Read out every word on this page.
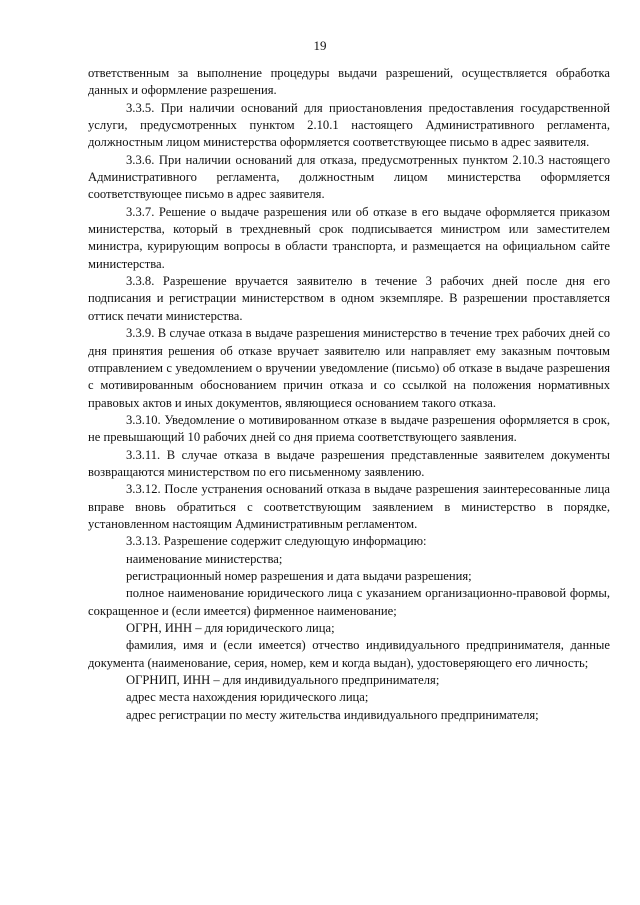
19

ответственным за выполнение процедуры выдачи разрешений, осуществляется обработка данных и оформление разрешения.

3.3.5. При наличии оснований для приостановления предоставления государственной услуги, предусмотренных пунктом 2.10.1 настоящего Административного регламента, должностным лицом министерства оформляется соответствующее письмо в адрес заявителя.

3.3.6. При наличии оснований для отказа, предусмотренных пунктом 2.10.3 настоящего Административного регламента, должностным лицом министерства оформляется соответствующее письмо в адрес заявителя.

3.3.7. Решение о выдаче разрешения или об отказе в его выдаче оформляется приказом министерства, который в трехдневный срок подписывается министром или заместителем министра, курирующим вопросы в области транспорта, и размещается на официальном сайте министерства.

3.3.8. Разрешение вручается заявителю в течение 3 рабочих дней после дня его подписания и регистрации министерством в одном экземпляре. В разрешении проставляется оттиск печати министерства.

3.3.9. В случае отказа в выдаче разрешения министерство в течение трех рабочих дней со дня принятия решения об отказе вручает заявителю или направляет ему заказным почтовым отправлением с уведомлением о вручении уведомление (письмо) об отказе в выдаче разрешения с мотивированным обоснованием причин отказа и со ссылкой на положения нормативных правовых актов и иных документов, являющиеся основанием такого отказа.

3.3.10. Уведомление о мотивированном отказе в выдаче разрешения оформляется в срок, не превышающий 10 рабочих дней со дня приема соответствующего заявления.

3.3.11. В случае отказа в выдаче разрешения представленные заявителем документы возвращаются министерством по его письменному заявлению.

3.3.12. После устранения оснований отказа в выдаче разрешения заинтересованные лица вправе вновь обратиться с соответствующим заявлением в министерство в порядке, установленном настоящим Административным регламентом.

3.3.13. Разрешение содержит следующую информацию:

наименование министерства;

регистрационный номер разрешения и дата выдачи разрешения;

полное наименование юридического лица с указанием организационно-правовой формы, сокращенное и (если имеется) фирменное наименование;

ОГРН, ИНН – для юридического лица;

фамилия, имя и (если имеется) отчество индивидуального предпринимателя, данные документа (наименование, серия, номер, кем и когда выдан), удостоверяющего его личность;

ОГРНИП, ИНН – для индивидуального предпринимателя;

адрес места нахождения юридического лица;

адрес регистрации по месту жительства индивидуального предпринимателя;
